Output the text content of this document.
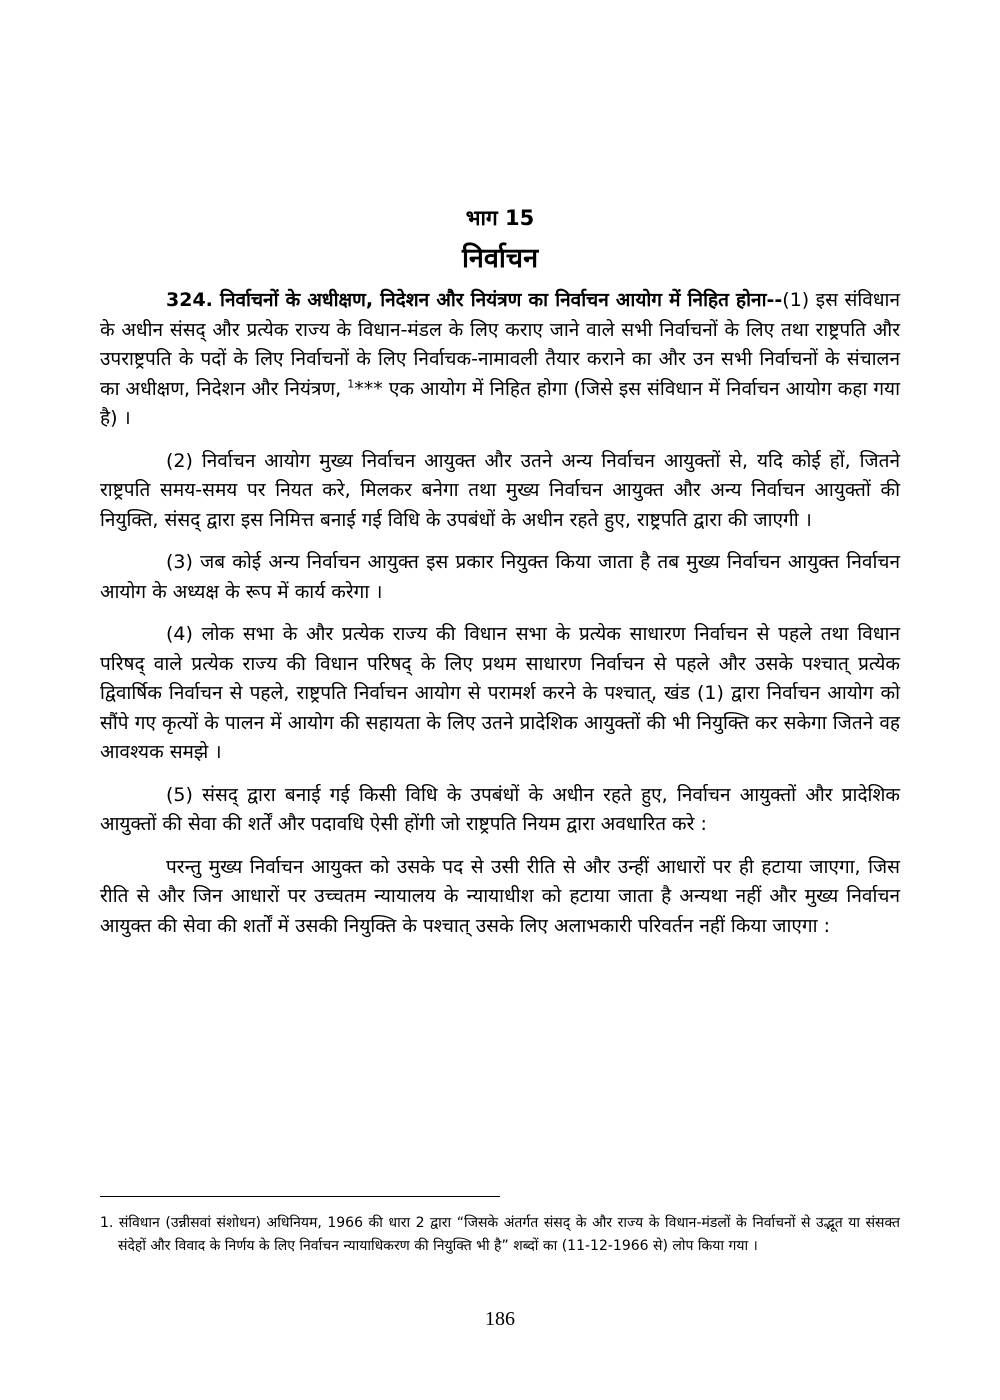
भाग 15
निर्वाचन

324. निर्वाचनों के अधीक्षण, निदेशन और नियंत्रण का निर्वाचन आयोग में निहित होना--(1) इस संविधान के अधीन संसद् और प्रत्येक राज्य के विधान-मंडल के लिए कराए जाने वाले सभी निर्वाचनों के लिए तथा राष्ट्रपति और उपराष्ट्रपति के पदों के लिए निर्वाचनों के लिए निर्वाचक-नामावली तैयार कराने का और उन सभी निर्वाचनों के संचालन का अधीक्षण, निदेशन और नियंत्रण, $^1$*** एक आयोग में निहित होगा (जिसे इस संविधान में निर्वाचन आयोग कहा गया है) ।

(2) निर्वाचन आयोग मुख्य निर्वाचन आयुक्त और उतने अन्य निर्वाचन आयुक्तों से, यदि कोई हों, जितने राष्ट्रपति समय-समय पर नियत करे, मिलकर बनेगा तथा मुख्य निर्वाचन आयुक्त और अन्य निर्वाचन आयुक्तों की नियुक्ति, संसद् द्वारा इस निमित्त बनाई गई विधि के उपबंधों के अधीन रहते हुए, राष्ट्रपति द्वारा की जाएगी ।

(3) जब कोई अन्य निर्वाचन आयुक्त इस प्रकार नियुक्त किया जाता है तब मुख्य निर्वाचन आयुक्त निर्वाचन आयोग के अध्यक्ष के रूप में कार्य करेगा ।

(4) लोक सभा के और प्रत्येक राज्य की विधान सभा के प्रत्येक साधारण निर्वाचन से पहले तथा विधान परिषद् वाले प्रत्येक राज्य की विधान परिषद् के लिए प्रथम साधारण निर्वाचन से पहले और उसके पश्चात् प्रत्येक द्विवार्षिक निर्वाचन से पहले, राष्ट्रपति निर्वाचन आयोग से परामर्श करने के पश्चात्, खंड (1) द्वारा निर्वाचन आयोग को सौंपे गए कृत्यों के पालन में आयोग की सहायता के लिए उतने प्रादेशिक आयुक्तों की भी नियुक्ति कर सकेगा जितने वह आवश्यक समझे ।

(5) संसद् द्वारा बनाई गई किसी विधि के उपबंधों के अधीन रहते हुए, निर्वाचन आयुक्तों और प्रादेशिक आयुक्तों की सेवा की शर्तें और पदावधि ऐसी होंगी जो राष्ट्रपति नियम द्वारा अवधारित करे :

परन्तु मुख्य निर्वाचन आयुक्त को उसके पद से उसी रीति से और उन्हीं आधारों पर ही हटाया जाएगा, जिस रीति से और जिन आधारों पर उच्चतम न्यायालय के न्यायाधीश को हटाया जाता है अन्यथा नहीं और मुख्य निर्वाचन आयुक्त की सेवा की शर्तों में उसकी नियुक्ति के पश्चात् उसके लिए अलाभकारी परिवर्तन नहीं किया जाएगा :

1. संविधान (उन्नीसवां संशोधन) अधिनियम, 1966 की धारा 2 द्वारा “जिसके अंतर्गत संसद् के और राज्य के विधान-मंडलों के निर्वाचनों से उद्भूत या संसक्त संदेहों और विवाद के निर्णय के लिए निर्वाचन न्यायाधिकरण की नियुक्ति भी है” शब्दों का (11-12-1966 से) लोप किया गया ।
186
